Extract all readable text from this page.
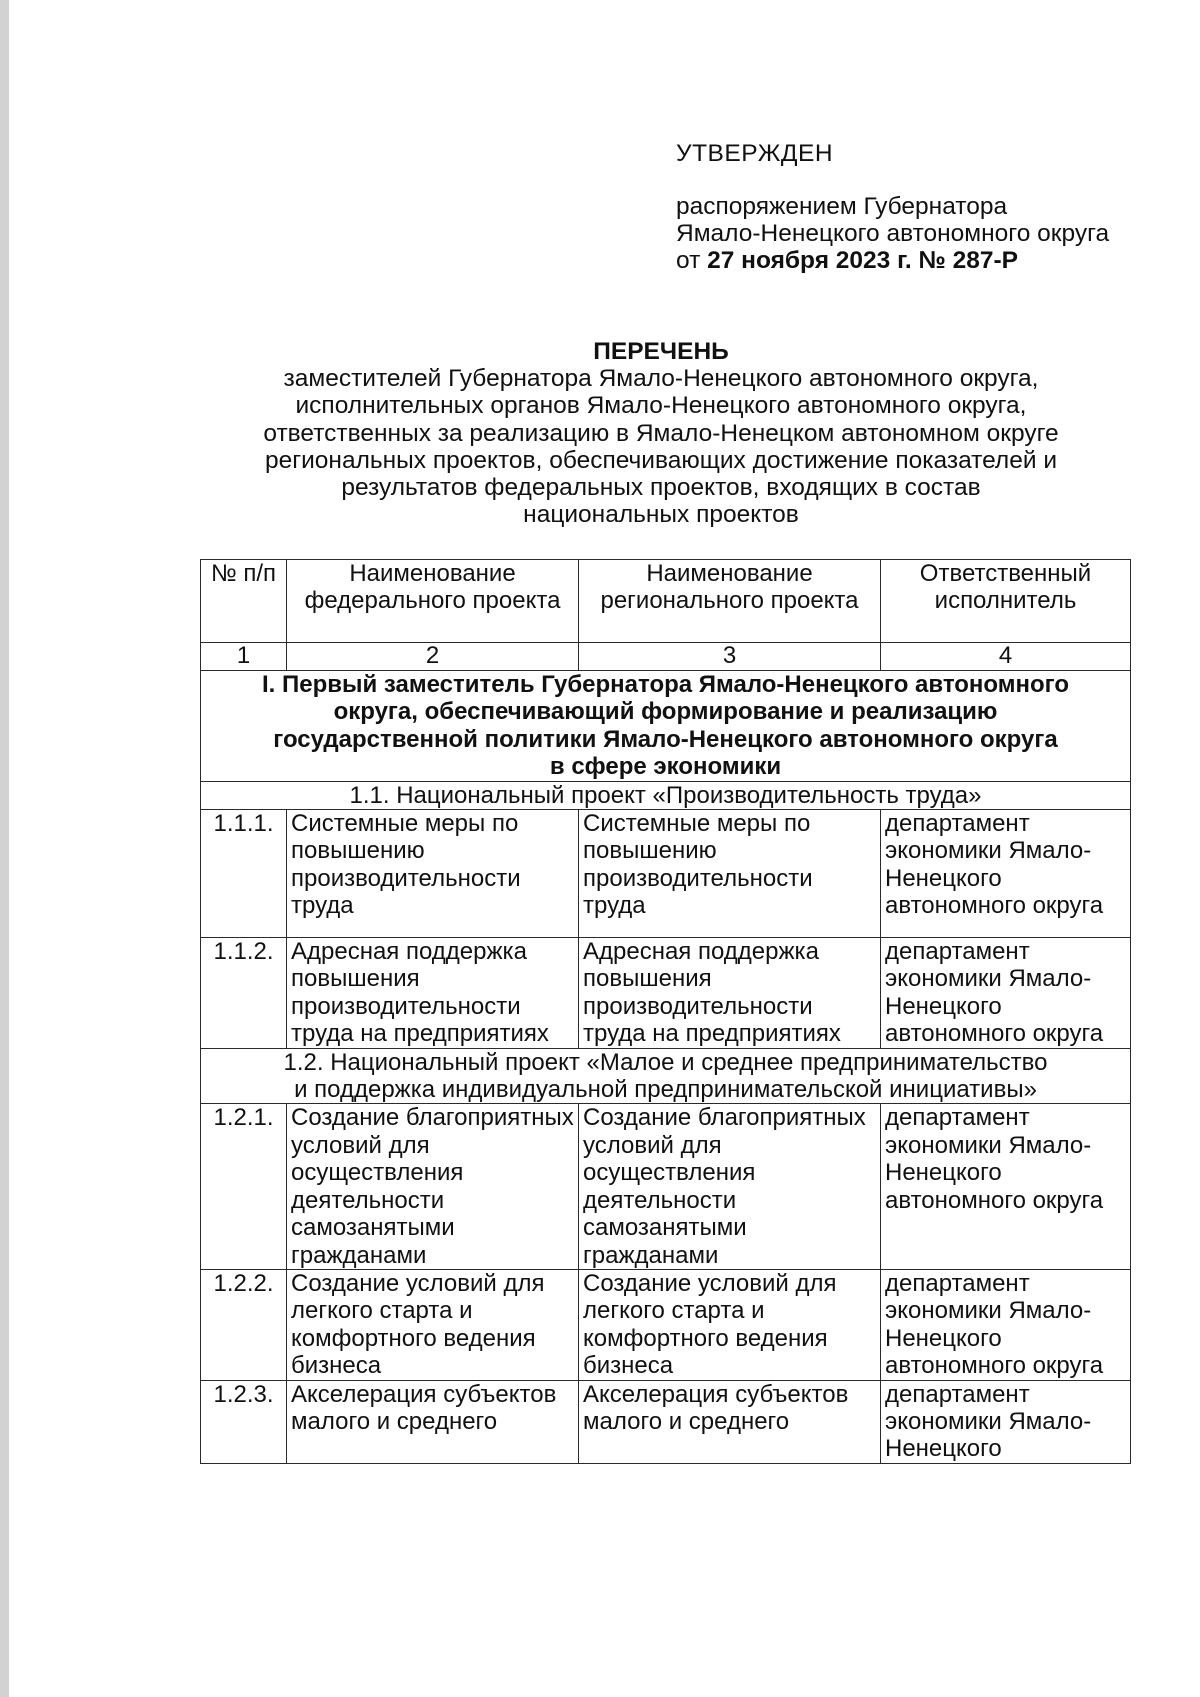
УТВЕРЖДЕН
распоряжением Губернатора
Ямало-Ненецкого автономного округа
от 27 ноября 2023 г. № 287-Р
ПЕРЕЧЕНЬ
заместителей Губернатора Ямало-Ненецкого автономного округа,
исполнительных органов Ямало-Ненецкого автономного округа,
ответственных за реализацию в Ямало-Ненецком автономном округе
региональных проектов, обеспечивающих достижение показателей и
результатов федеральных проектов, входящих в состав
национальных проектов
№ п/п	Наименование федерального проекта	Наименование регионального проекта	Ответственный исполнитель
1	2	3	4

I. Первый заместитель Губернатора Ямало-Ненецкого автономного
округа, обеспечивающий формирование и реализацию
государственной политики Ямало-Ненецкого автономного округа
в сфере экономики			

1.1. Национальный проект «Производительность труда»			

1.1.1.	Системные меры по повышению производительности труда	Системные меры по повышению производительности труда	департамент экономики Ямало-Ненецкого автономного округа
1.1.2.	Адресная поддержка повышения производительности труда на предприятиях	Адресная поддержка повышения производительности труда на предприятиях	департамент экономики Ямало-Ненецкого автономного округа

1.2. Национальный проект «Малое и среднее предпринимательство
и поддержка индивидуальной предпринимательской инициативы»			

1.2.1.	Создание благоприятных условий для осуществления деятельности самозанятыми гражданами	Создание благоприятных условий для осуществления деятельности самозанятыми гражданами	департамент экономики Ямало-Ненецкого автономного округа
1.2.2.	Создание условий для легкого старта и комфортного ведения бизнеса	Создание условий для легкого старта и комфортного ведения бизнеса	департамент экономики Ямало-Ненецкого автономного округа
1.2.3.	Акселерация субъектов малого и среднего	Акселерация субъектов малого и среднего	департамент экономики Ямало-Ненецкого
